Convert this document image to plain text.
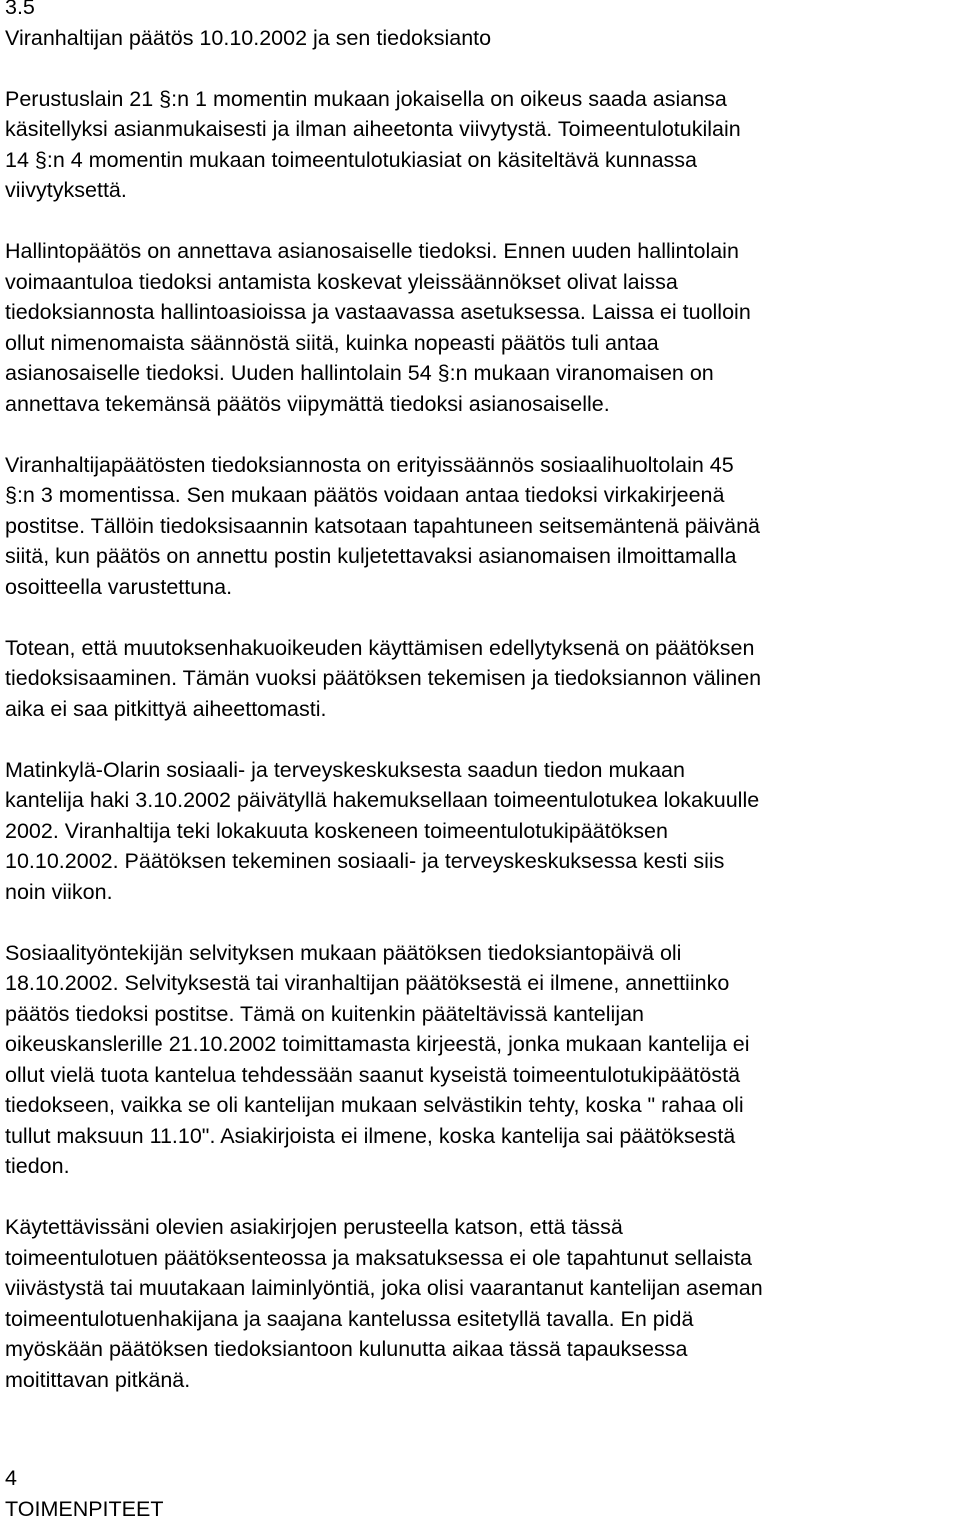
3.5
Viranhaltijan päätös 10.10.2002 ja sen tiedoksianto
Perustuslain 21 §:n 1 momentin mukaan jokaisella on oikeus saada asiansa
käsitellyksi asianmukaisesti ja ilman aiheetonta viivytystä. Toimeentulotukilain
14 §:n 4 momentin mukaan toimeentulotukiasiat on käsiteltävä kunnassa
viivytyksettä.
Hallintopäätös on annettava asianosaiselle tiedoksi. Ennen uuden hallintolain
voimaantuloa tiedoksi antamista koskevat yleissäännökset olivat laissa
tiedoksiannosta hallintoasioissa ja vastaavassa asetuksessa. Laissa ei tuolloin
ollut nimenomaista säännöstä siitä, kuinka nopeasti päätös tuli antaa
asianosaiselle tiedoksi. Uuden hallintolain 54 §:n mukaan viranomaisen on
annettava tekemänsä päätös viipymättä tiedoksi asianosaiselle.
Viranhaltijapäätösten tiedoksiannosta on erityissäännös sosiaalihuoltolain 45
§:n 3 momentissa. Sen mukaan päätös voidaan antaa tiedoksi virkakirjeenä
postitse. Tällöin tiedoksisaannin katsotaan tapahtuneen seitsemäntenä päivänä
siitä, kun päätös on annettu postin kuljetettavaksi asianomaisen ilmoittamalla
osoitteella varustettuna.
Totean, että muutoksenhakuoikeuden käyttämisen edellytyksenä on päätöksen
tiedoksisaaminen. Tämän vuoksi päätöksen tekemisen ja tiedoksiannon välinen
aika ei saa pitkittyä aiheettomasti.
Matinkylä-Olarin sosiaali- ja terveyskeskuksesta saadun tiedon mukaan
kantelija haki 3.10.2002 päivätyllä hakemuksellaan toimeentulotukea lokakuulle
2002. Viranhaltija teki lokakuuta koskeneen toimeentulotukipäätöksen
10.10.2002. Päätöksen tekeminen sosiaali- ja terveyskeskuksessa kesti siis
noin viikon.
Sosiaalityöntekijän selvityksen mukaan päätöksen tiedoksiantopäivä oli
18.10.2002. Selvityksestä tai viranhaltijan päätöksestä ei ilmene, annettiinko
päätös tiedoksi postitse. Tämä on kuitenkin pääteltävissä kantelijan
oikeuskanslerille 21.10.2002 toimittamasta kirjeestä, jonka mukaan kantelija ei
ollut vielä tuota kantelua tehdessään saanut kyseistä toimeentulotukipäätöstä
tiedokseen, vaikka se oli kantelijan mukaan selvästikin tehty, koska " rahaa oli
tullut maksuun 11.10". Asiakirjoista ei ilmene, koska kantelija sai päätöksestä
tiedon.
Käytettävissäni olevien asiakirjojen perusteella katson, että tässä
toimeentulotuen päätöksenteossa ja maksatuksessa ei ole tapahtunut sellaista
viivästystä tai muutakaan laiminlyöntiä, joka olisi vaarantanut kantelijan aseman
toimeentulotuenhakijana ja saajana kantelussa esitetyllä tavalla. En pidä
myöskään päätöksen tiedoksiantoon kulunutta aikaa tässä tapauksessa
moitittavan pitkänä.
4
TOIMENPITEET
